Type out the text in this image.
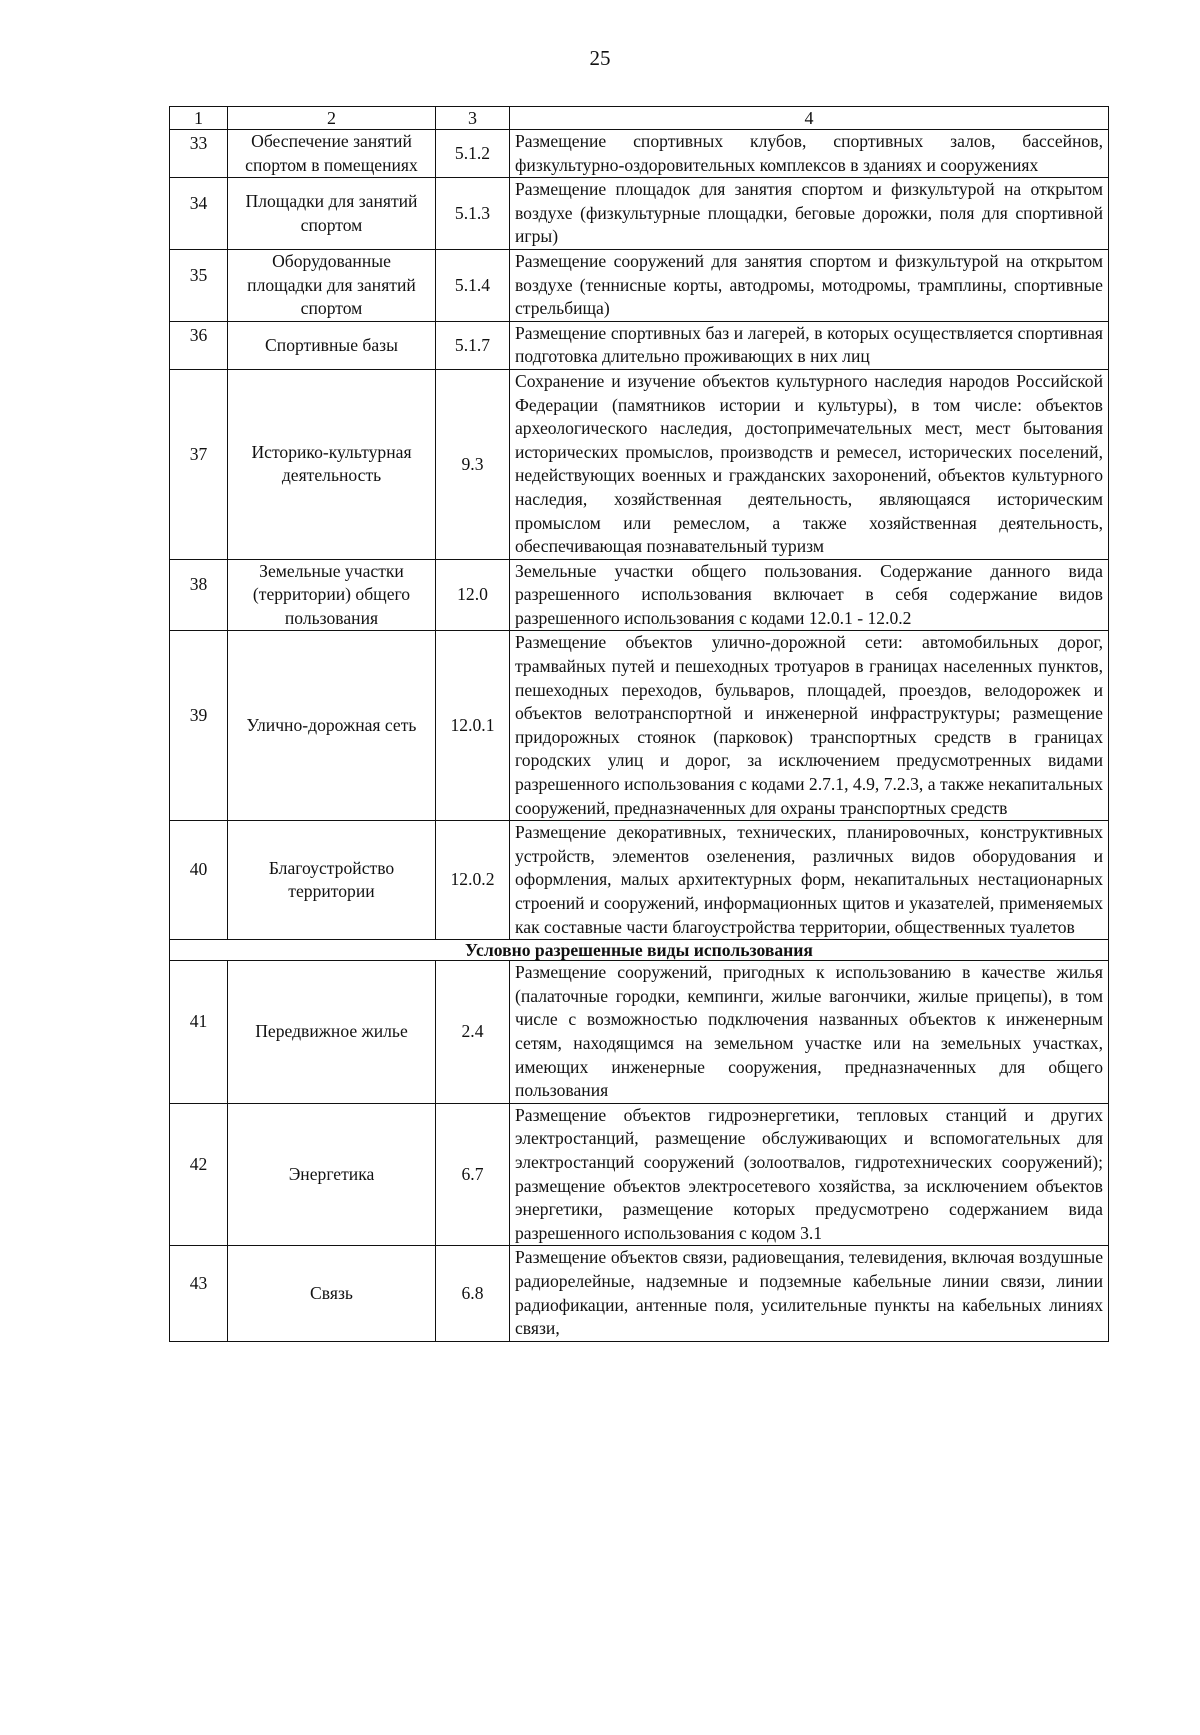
25
1	2	3	4
33	Обеспечение занятий спортом в помещениях	5.1.2	Размещение спортивных клубов, спортивных залов, бассейнов, физкультурно-оздоровительных комплексов в зданиях и сооружениях
34	Площадки для занятий спортом	5.1.3	Размещение площадок для занятия спортом и физкультурой на открытом воздухе (физкультурные площадки, беговые дорожки, поля для спортивной игры)
35	Оборудованные площадки для занятий спортом	5.1.4	Размещение сооружений для занятия спортом и физкультурой на открытом воздухе (теннисные корты, автодромы, мотодромы, трамплины, спортивные стрельбища)
36	Спортивные базы	5.1.7	Размещение спортивных баз и лагерей, в которых осуществляется спортивная подготовка длительно проживающих в них лиц
37	Историко-культурная деятельность	9.3	Сохранение и изучение объектов культурного наследия народов Российской Федерации (памятников истории и культуры), в том числе: объектов археологического наследия, достопримечательных мест, мест бытования исторических промыслов, производств и ремесел, исторических поселений, недействующих военных и гражданских захоронений, объектов культурного наследия, хозяйственная деятельность, являющаяся историческим промыслом или ремеслом, а также хозяйственная деятельность, обеспечивающая познавательный туризм
38	Земельные участки (территории) общего пользования	12.0	Земельные участки общего пользования. Содержание данного вида разрешенного использования включает в себя содержание видов разрешенного использования с кодами 12.0.1 - 12.0.2
39	Улично-дорожная сеть	12.0.1	Размещение объектов улично-дорожной сети: автомобильных дорог, трамвайных путей и пешеходных тротуаров в границах населенных пунктов, пешеходных переходов, бульваров, площадей, проездов, велодорожек и объектов велотранспортной и инженерной инфраструктуры; размещение придорожных стоянок (парковок) транспортных средств в границах городских улиц и дорог, за исключением предусмотренных видами разрешенного использования с кодами 2.7.1, 4.9, 7.2.3, а также некапитальных сооружений, предназначенных для охраны транспортных средств
40	Благоустройство территории	12.0.2	Размещение декоративных, технических, планировочных, конструктивных устройств, элементов озеленения, различных видов оборудования и оформления, малых архитектурных форм, некапитальных нестационарных строений и сооружений, информационных щитов и указателей, применяемых как составные части благоустройства территории, общественных туалетов
Условно разрешенные виды использования			
41	Передвижное жилье	2.4	Размещение сооружений, пригодных к использованию в качестве жилья (палаточные городки, кемпинги, жилые вагончики, жилые прицепы), в том числе с возможностью подключения названных объектов к инженерным сетям, находящимся на земельном участке или на земельных участках, имеющих инженерные сооружения, предназначенных для общего пользования
42	Энергетика	6.7	Размещение объектов гидроэнергетики, тепловых станций и других электростанций, размещение обслуживающих и вспомогательных для электростанций сооружений (золоотвалов, гидротехнических сооружений); размещение объектов электросетевого хозяйства, за исключением объектов энергетики, размещение которых предусмотрено содержанием вида разрешенного использования с кодом 3.1
43	Связь	6.8	Размещение объектов связи, радиовещания, телевидения, включая воздушные радиорелейные, надземные и подземные кабельные линии связи, линии радиофикации, антенные поля, усилительные пункты на кабельных линиях связи,
